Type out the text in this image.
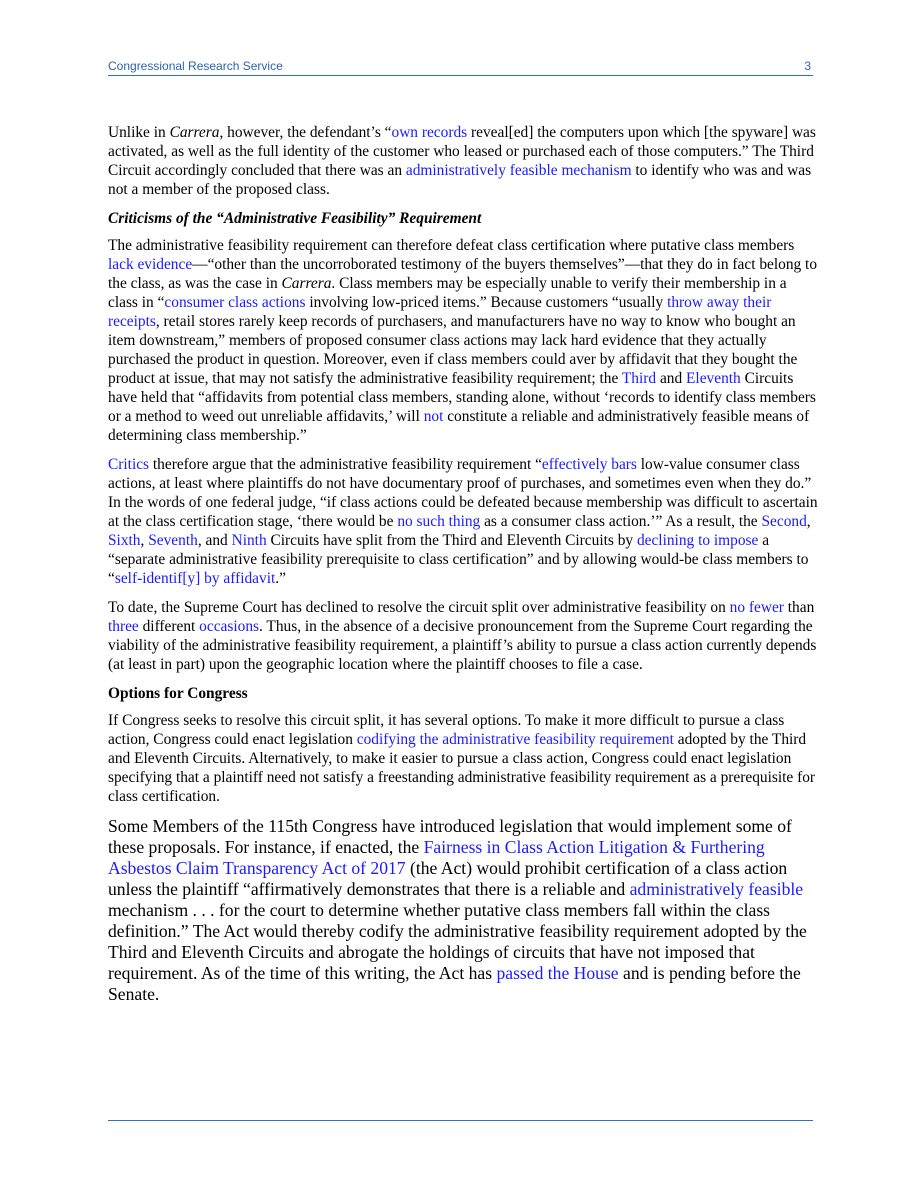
Congressional Research Service	3

Unlike in Carrera, however, the defendant’s “own records reveal[ed] the computers upon which [the spyware] was activated, as well as the full identity of the customer who leased or purchased each of those computers.” The Third Circuit accordingly concluded that there was an administratively feasible mechanism to identify who was and was not a member of the proposed class.

Criticisms of the “Administrative Feasibility” Requirement

The administrative feasibility requirement can therefore defeat class certification where putative class members lack evidence—“other than the uncorroborated testimony of the buyers themselves”—that they do in fact belong to the class, as was the case in Carrera. Class members may be especially unable to verify their membership in a class in “consumer class actions involving low-priced items.” Because customers “usually throw away their receipts, retail stores rarely keep records of purchasers, and manufacturers have no way to know who bought an item downstream,” members of proposed consumer class actions may lack hard evidence that they actually purchased the product in question. Moreover, even if class members could aver by affidavit that they bought the product at issue, that may not satisfy the administrative feasibility requirement; the Third and Eleventh Circuits have held that “affidavits from potential class members, standing alone, without ‘records to identify class members or a method to weed out unreliable affidavits,’ will not constitute a reliable and administratively feasible means of determining class membership.”

Critics therefore argue that the administrative feasibility requirement “effectively bars low-value consumer class actions, at least where plaintiffs do not have documentary proof of purchases, and sometimes even when they do.” In the words of one federal judge, “if class actions could be defeated because membership was difficult to ascertain at the class certification stage, ‘there would be no such thing as a consumer class action.’” As a result, the Second, Sixth, Seventh, and Ninth Circuits have split from the Third and Eleventh Circuits by declining to impose a “separate administrative feasibility prerequisite to class certification” and by allowing would-be class members to “self-identif[y] by affidavit.”

To date, the Supreme Court has declined to resolve the circuit split over administrative feasibility on no fewer than three different occasions. Thus, in the absence of a decisive pronouncement from the Supreme Court regarding the viability of the administrative feasibility requirement, a plaintiff’s ability to pursue a class action currently depends (at least in part) upon the geographic location where the plaintiff chooses to file a case.

Options for Congress

If Congress seeks to resolve this circuit split, it has several options. To make it more difficult to pursue a class action, Congress could enact legislation codifying the administrative feasibility requirement adopted by the Third and Eleventh Circuits. Alternatively, to make it easier to pursue a class action, Congress could enact legislation specifying that a plaintiff need not satisfy a freestanding administrative feasibility requirement as a prerequisite for class certification.

Some Members of the 115th Congress have introduced legislation that would implement some of these proposals. For instance, if enacted, the Fairness in Class Action Litigation & Furthering Asbestos Claim Transparency Act of 2017 (the Act) would prohibit certification of a class action unless the plaintiff “affirmatively demonstrates that there is a reliable and administratively feasible mechanism . . . for the court to determine whether putative class members fall within the class definition.” The Act would thereby codify the administrative feasibility requirement adopted by the Third and Eleventh Circuits and abrogate the holdings of circuits that have not imposed that requirement. As of the time of this writing, the Act has passed the House and is pending before the Senate.
